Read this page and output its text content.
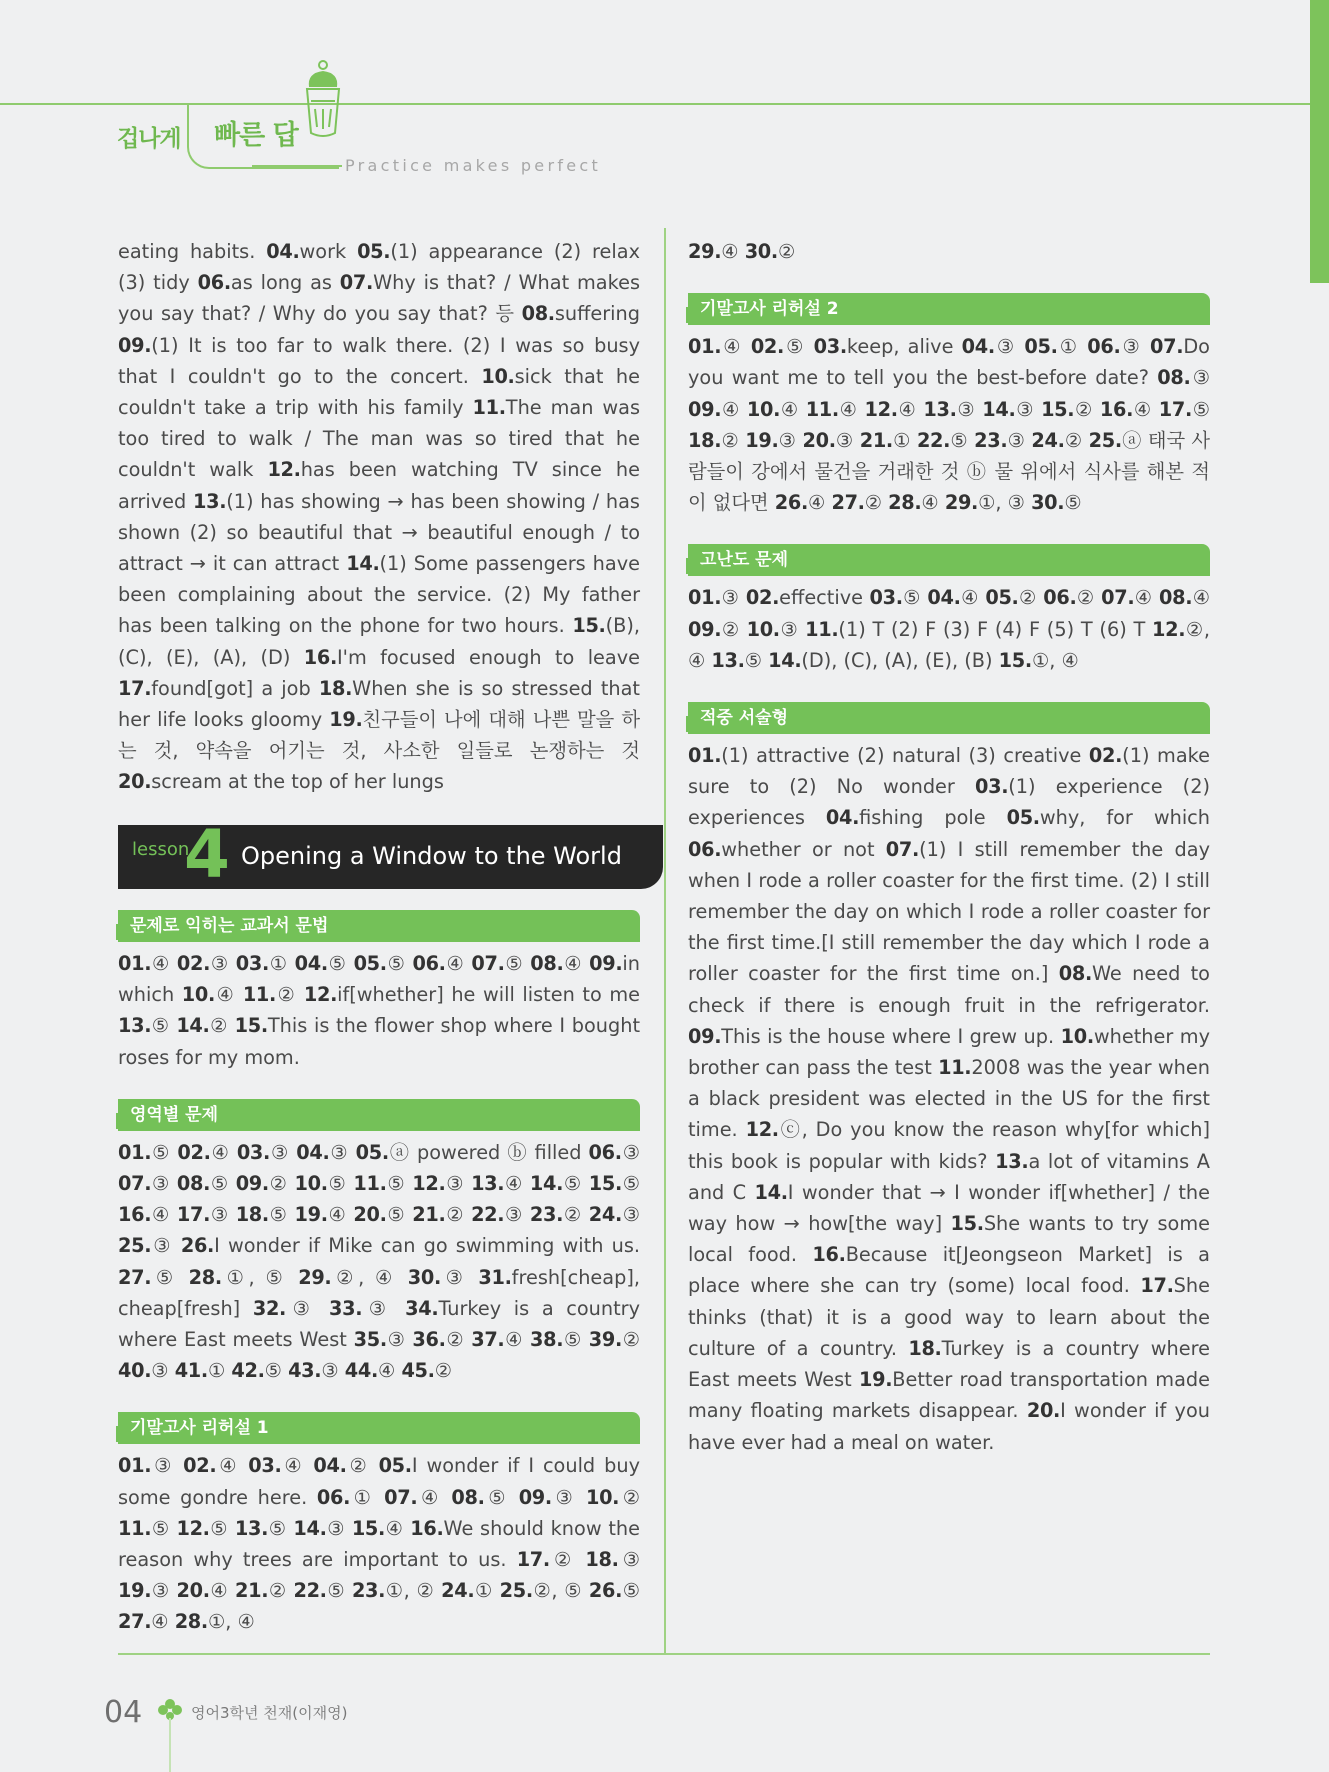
겁나게 빠른 답
Practice makes perfect

eating habits. 04.work 05.(1) appearance (2) relax (3) tidy 06.as long as 07.Why is that? / What makes you say that? / Why do you say that? 등 08.suffering 09.(1) It is too far to walk there. (2) I was so busy that I couldn't go to the concert. 10.sick that he couldn't take a trip with his family 11.The man was too tired to walk / The man was so tired that he couldn't walk 12.has been watching TV since he arrived 13.(1) has showing → has been showing / has shown (2) so beautiful that → beautiful enough / to attract → it can attract 14.(1) Some passengers have been complaining about the service. (2) My father has been talking on the phone for two hours. 15.(B), (C), (E), (A), (D) 16.I'm focused enough to leave 17.found[got] a job 18.When she is so stressed that her life looks gloomy 19.친구들이 나에 대해 나쁜 말을 하는 것, 약속을 어기는 것, 사소한 일들로 논쟁하는 것 20.scream at the top of her lungs

lesson
4 Opening a Window to the World
문제로 익히는 교과서 문법

01.④ 02.③ 03.① 04.⑤ 05.⑤ 06.④ 07.⑤ 08.④ 09.in which 10.④ 11.② 12.if[whether] he will listen to me 13.⑤ 14.② 15.This is the flower shop where I bought roses for my mom.

영역별 문제

01.⑤ 02.④ 03.③ 04.③ 05.ⓐ powered ⓑ filled 06.③ 07.③ 08.⑤ 09.② 10.⑤ 11.⑤ 12.③ 13.④ 14.⑤ 15.⑤ 16.④ 17.③ 18.⑤ 19.④ 20.⑤ 21.② 22.③ 23.② 24.③ 25.③ 26.I wonder if Mike can go swimming with us. 27.⑤ 28.①, ⑤ 29.②, ④ 30.③ 31.fresh[cheap], cheap[fresh] 32.③ 33.③ 34.Turkey is a country where East meets West 35.③ 36.② 37.④ 38.⑤ 39.② 40.③ 41.① 42.⑤ 43.③ 44.④ 45.②

기말고사 리허설 1

01.③ 02.④ 03.④ 04.② 05.I wonder if I could buy some gondre here. 06.① 07.④ 08.⑤ 09.③ 10.② 11.⑤ 12.⑤ 13.⑤ 14.③ 15.④ 16.We should know the reason why trees are important to us. 17.② 18.③ 19.③ 20.④ 21.② 22.⑤ 23.①, ② 24.① 25.②, ⑤ 26.⑤ 27.④ 28.①, ④

29.④ 30.②

기말고사 리허설 2

01.④ 02.⑤ 03.keep, alive 04.③ 05.① 06.③ 07.Do you want me to tell you the best-before date? 08.③ 09.④ 10.④ 11.④ 12.④ 13.③ 14.③ 15.② 16.④ 17.⑤ 18.② 19.③ 20.③ 21.① 22.⑤ 23.③ 24.② 25.ⓐ 태국 사람들이 강에서 물건을 거래한 것 ⓑ 물 위에서 식사를 해본 적이 없다면 26.④ 27.② 28.④ 29.①, ③ 30.⑤

고난도 문제

01.③ 02.effective 03.⑤ 04.④ 05.② 06.② 07.④ 08.④ 09.② 10.③ 11.(1) T (2) F (3) F (4) F (5) T (6) T 12.②, ④ 13.⑤ 14.(D), (C), (A), (E), (B) 15.①, ④

적중 서술형

01.(1) attractive (2) natural (3) creative 02.(1) make sure to (2) No wonder 03.(1) experience (2) experiences 04.fishing pole 05.why, for which 06.whether or not 07.(1) I still remember the day when I rode a roller coaster for the first time. (2) I still remember the day on which I rode a roller coaster for the first time.[I still remember the day which I rode a roller coaster for the first time on.] 08.We need to check if there is enough fruit in the refrigerator. 09.This is the house where I grew up. 10.whether my brother can pass the test 11.2008 was the year when a black president was elected in the US for the first time. 12.ⓒ, Do you know the reason why[for which] this book is popular with kids? 13.a lot of vitamins A and C 14.I wonder that → I wonder if[whether] / the way how → how[the way] 15.She wants to try some local food. 16.Because it[Jeongseon Market] is a place where she can try (some) local food. 17.She thinks (that) it is a good way to learn about the culture of a country. 18.Turkey is a country where East meets West 19.Better road transportation made many floating markets disappear. 20.I wonder if you have ever had a meal on water.

04	영어3학년 천재(이재영)
